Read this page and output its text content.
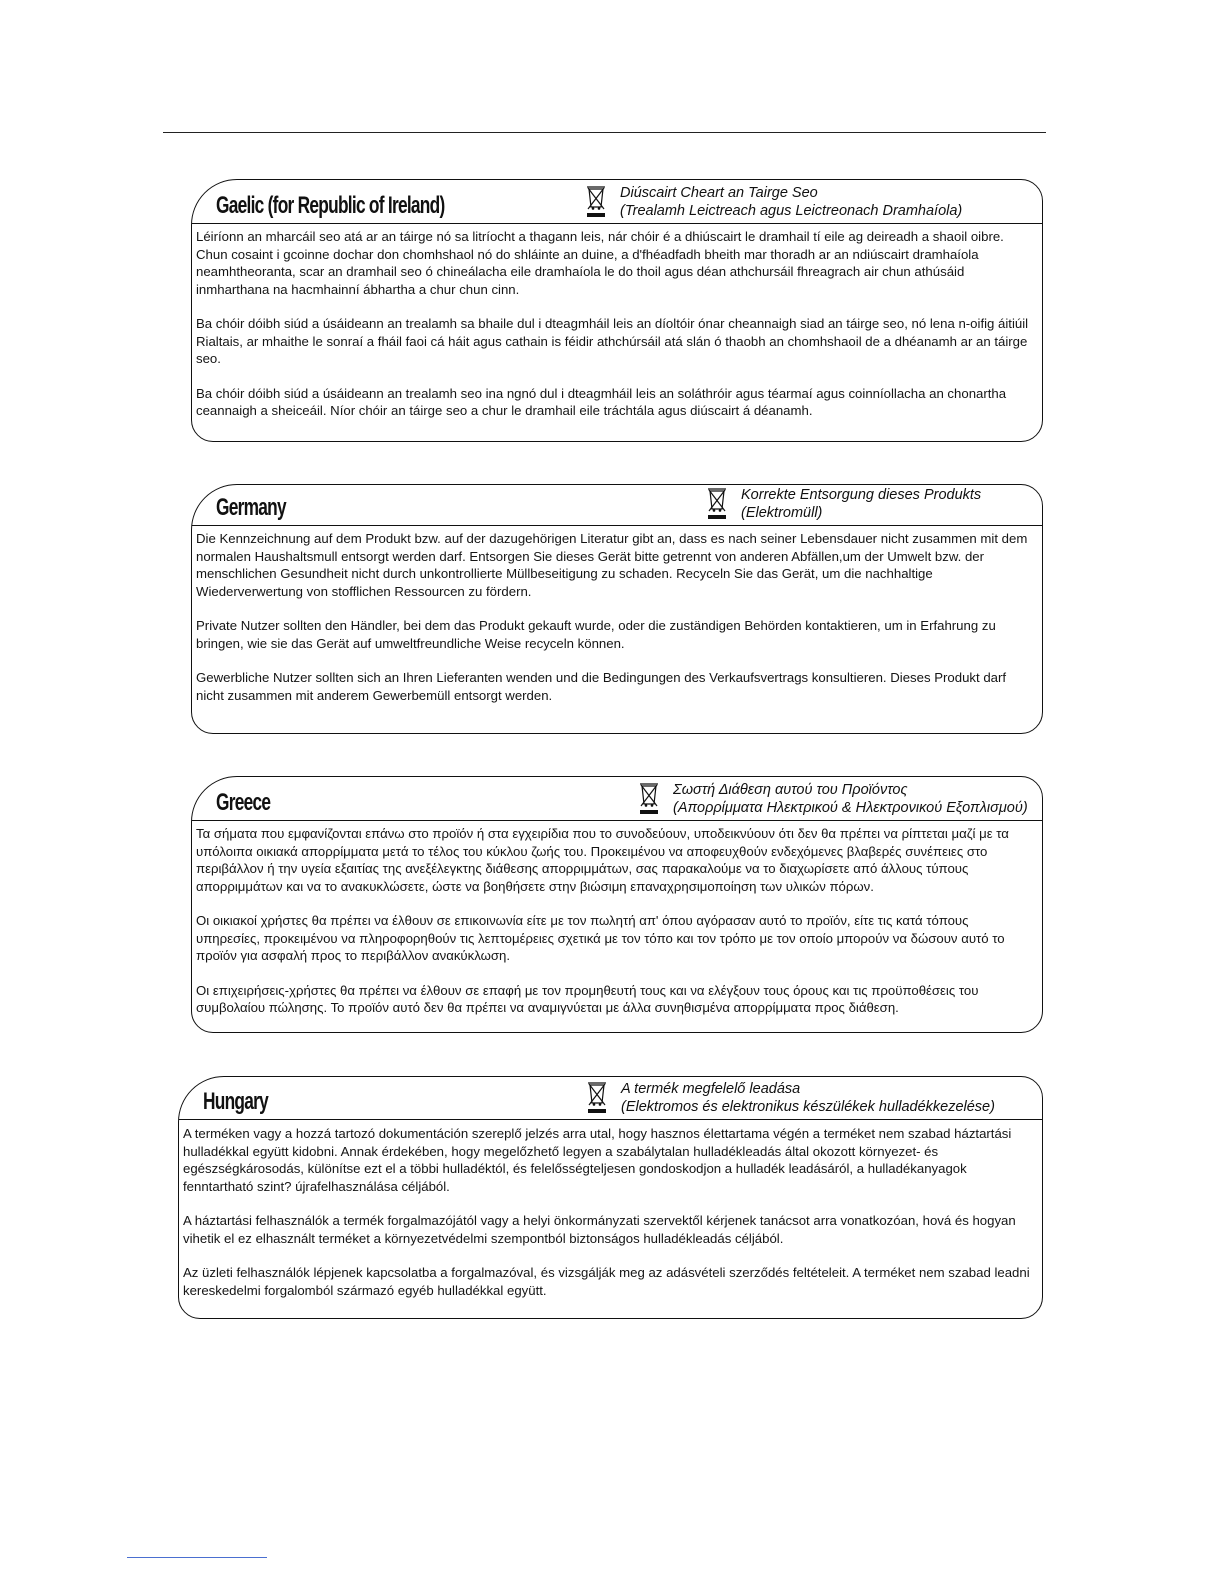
Gaelic (for Republic of Ireland)	Diúscairt Cheart an Tairge Seo
(Trealamh Leictreach agus Leictreonach Dramhaíola)

Léiríonn an mharcáil seo atá ar an táirge nó sa litríocht a thagann leis, nár chóir é a dhiúscairt le dramhail tí eile ag deireadh a shaoil oibre. Chun cosaint i gcoinne dochar don chomhshaol nó do shláinte an duine, a d'fhéadfadh bheith mar thoradh ar an ndiúscairt dramhaíola neamhtheoranta, scar an dramhail seo ó chineálacha eile dramhaíola le do thoil agus déan athchursáil fhreagrach air chun athúsáid inmharthana na hacmhainní ábhartha a chur chun cinn.

Ba chóir dóibh siúd a úsáideann an trealamh sa bhaile dul i dteagmháil leis an díoltóir ónar cheannaigh siad an táirge seo, nó lena n-oifig áitiúil Rialtais, ar mhaithe le sonraí a fháil faoi cá háit agus cathain is féidir athchúrsáil atá slán ó thaobh an chomhshaoil de a dhéanamh ar an táirge seo.

Ba chóir dóibh siúd a úsáideann an trealamh seo ina ngnó dul i dteagmháil leis an soláthróir agus téarmaí agus coinníollacha an chonartha ceannaigh a sheiceáil. Níor chóir an táirge seo a chur le dramhail eile tráchtála agus diúscairt á déanamh.

Germany	Korrekte Entsorgung dieses Produkts
(Elektromüll)

Die Kennzeichnung auf dem Produkt bzw. auf der dazugehörigen Literatur gibt an, dass es nach seiner Lebensdauer nicht zusammen mit dem normalen Haushaltsmull entsorgt werden darf. Entsorgen Sie dieses Gerät bitte getrennt von anderen Abfällen,um der Umwelt bzw. der menschlichen Gesundheit nicht durch unkontrollierte Müllbeseitigung zu schaden. Recyceln Sie das Gerät, um die nachhaltige Wiederverwertung von stofflichen Ressourcen zu fördern.

Private Nutzer sollten den Händler, bei dem das Produkt gekauft wurde, oder die zuständigen Behörden kontaktieren, um in Erfahrung zu bringen, wie sie das Gerät auf umweltfreundliche Weise recyceln können.

Gewerbliche Nutzer sollten sich an Ihren Lieferanten wenden und die Bedingungen des Verkaufsvertrags konsultieren. Dieses Produkt darf nicht zusammen mit anderem Gewerbemüll entsorgt werden.

Greece	Σωστή Διάθεση αυτού του Προϊόντος
(Απορρίμματα Ηλεκτρικού & Ηλεκτρονικού Εξοπλισμού)

Τα σήματα που εμφανίζονται επάνω στο προϊόν ή στα εγχειρίδια που το συνοδεύουν, υποδεικνύουν ότι δεν θα πρέπει να ρίπτεται μαζί με τα υπόλοιπα οικιακά απορρίμματα μετά το τέλος του κύκλου ζωής του. Προκειμένου να αποφευχθούν ενδεχόμενες βλαβερές συνέπειες στο περιβάλλον ή την υγεία εξαιτίας της ανεξέλεγκτης διάθεσης απορριμμάτων, σας παρακαλούμε να το διαχωρίσετε από άλλους τύπους απορριμμάτων και να το ανακυκλώσετε, ώστε να βοηθήσετε στην βιώσιμη επαναχρησιμοποίηση των υλικών πόρων.

Οι οικιακοί χρήστες θα πρέπει να έλθουν σε επικοινωνία είτε με τον πωλητή απ' όπου αγόρασαν αυτό το προϊόν, είτε τις κατά τόπους υπηρεσίες, προκειμένου να πληροφορηθούν τις λεπτομέρειες σχετικά με τον τόπο και τον τρόπο με τον οποίο μπορούν να δώσουν αυτό το προϊόν για ασφαλή προς το περιβάλλον ανακύκλωση.

Οι επιχειρήσεις-χρήστες θα πρέπει να έλθουν σε επαφή με τον προμηθευτή τους και να ελέγξουν τους όρους και τις προϋποθέσεις του συμβολαίου πώλησης. Το προϊόν αυτό δεν θα πρέπει να αναμιγνύεται με άλλα συνηθισμένα απορρίμματα προς διάθεση.

Hungary	A termék megfelelő leadása
(Elektromos és elektronikus készülékek hulladékkezelése)

A terméken vagy a hozzá tartozó dokumentáción szereplő jelzés arra utal, hogy hasznos élettartama végén a terméket nem szabad háztartási hulladékkal együtt kidobni. Annak érdekében, hogy megelőzhető legyen a szabálytalan hulladékleadás által okozott környezet- és egészségkárosodás, különítse ezt el a többi hulladéktól, és felelősségteljesen gondoskodjon a hulladék leadásáról, a hulladékanyagok fenntartható szint? újrafelhasználása céljából.

A háztartási felhasználók a termék forgalmazójától vagy a helyi önkormányzati szervektől kérjenek tanácsot arra vonatkozóan, hová és hogyan vihetik el ez elhasznált terméket a környezetvédelmi szempontból biztonságos hulladékleadás céljából.

Az üzleti felhasználók lépjenek kapcsolatba a forgalmazóval, és vizsgálják meg az adásvételi szerződés feltételeit. A terméket nem szabad leadni kereskedelmi forgalomból származó egyéb hulladékkal együtt.
